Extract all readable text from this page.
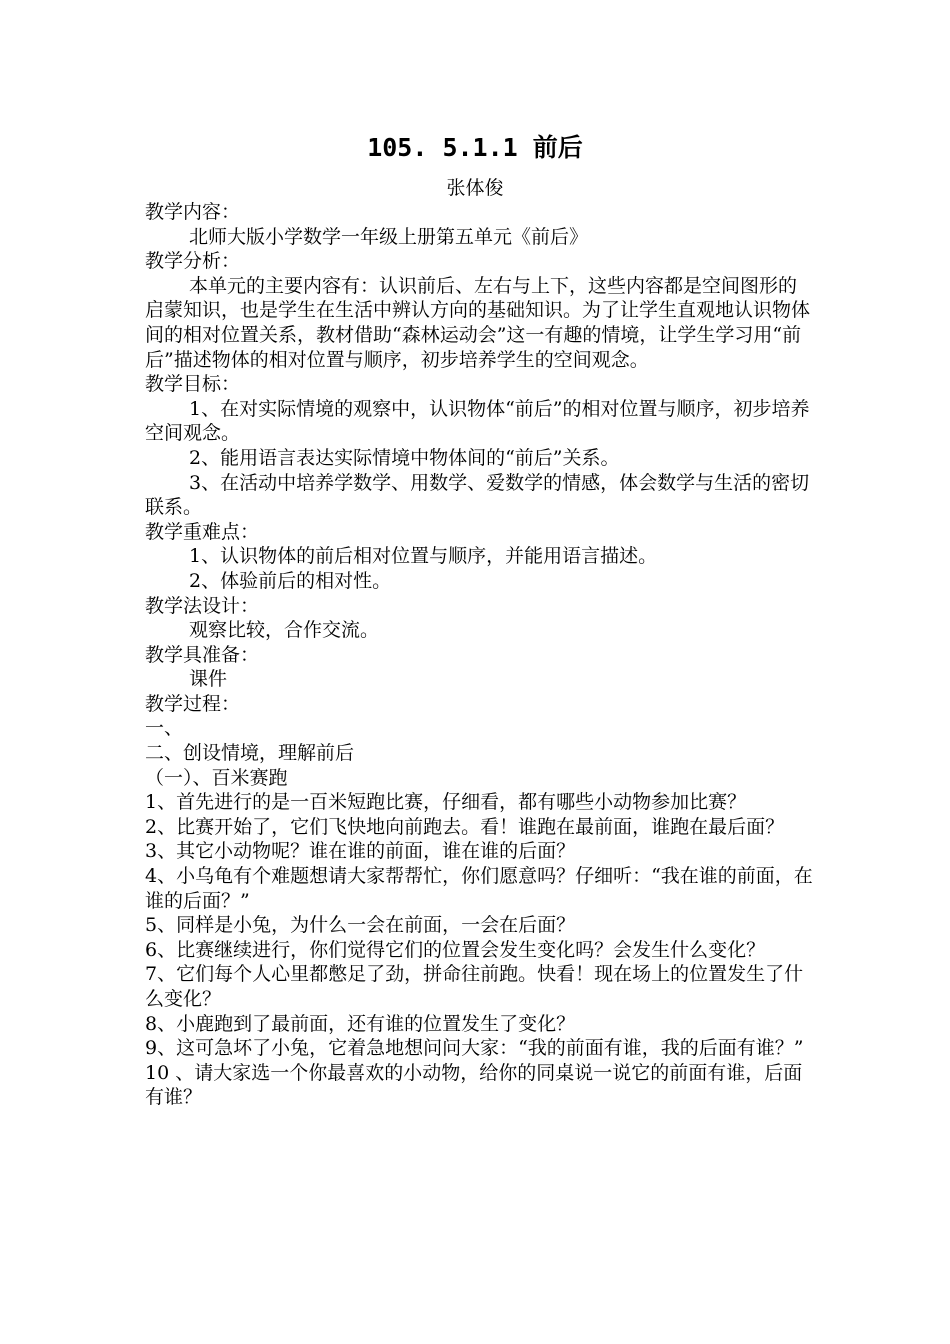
105. 5.1.1 前后
张体俊

教学内容：

北师大版小学数学一年级上册第五单元《前后》

教学分析：

本单元的主要内容有：认识前后、左右与上下，这些内容都是空间图形的启蒙知识，也是学生在生活中辨认方向的基础知识。为了让学生直观地认识物体间的相对位置关系，教材借助“森林运动会”这一有趣的情境，让学生学习用“前后”描述物体的相对位置与顺序，初步培养学生的空间观念。

教学目标：

1、在对实际情境的观察中，认识物体“前后”的相对位置与顺序，初步培养空间观念。

2、能用语言表达实际情境中物体间的“前后”关系。

3、在活动中培养学数学、用数学、爱数学的情感，体会数学与生活的密切联系。

教学重难点：

1、认识物体的前后相对位置与顺序，并能用语言描述。

2、体验前后的相对性。

教学法设计：

观察比较，合作交流。

教学具准备：

课件

教学过程：

一、

二、创设情境，理解前后

（一）、百米赛跑

1、首先进行的是一百米短跑比赛，仔细看，都有哪些小动物参加比赛？

2、比赛开始了，它们飞快地向前跑去。看！谁跑在最前面，谁跑在最后面？

3、其它小动物呢？谁在谁的前面，谁在谁的后面？

4、小乌龟有个难题想请大家帮帮忙，你们愿意吗？仔细听：“我在谁的前面，在谁的后面？”

5、同样是小兔，为什么一会在前面，一会在后面？

6、比赛继续进行，你们觉得它们的位置会发生变化吗？会发生什么变化？

7、它们每个人心里都憋足了劲，拼命往前跑。快看！现在场上的位置发生了什么变化？

8、小鹿跑到了最前面，还有谁的位置发生了变化？

9、这可急坏了小兔，它着急地想问问大家：“我的前面有谁，我的后面有谁？”

10 、请大家选一个你最喜欢的小动物，给你的同桌说一说它的前面有谁，后面有谁？
